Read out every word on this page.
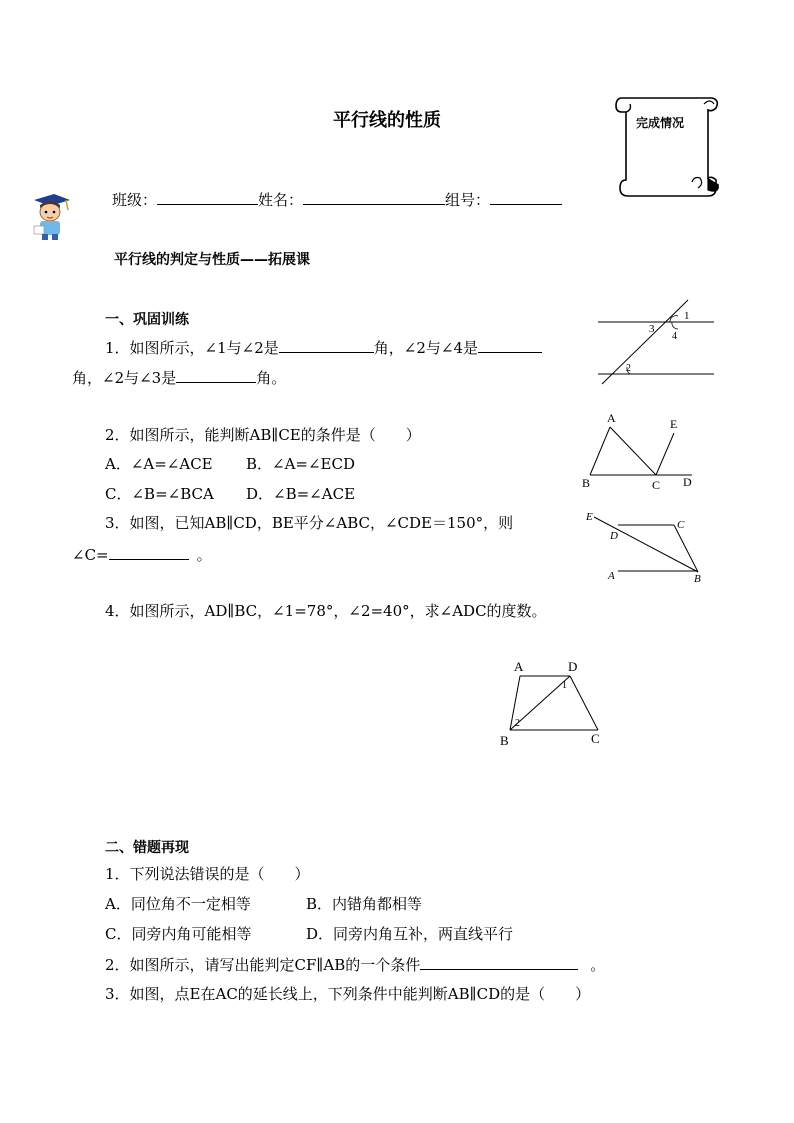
平行线的性质	完成情况
班级：	姓名：	组号：
平行线的判定与性质——拓展课
一、巩固训练
1．如图所示，∠1与∠2是	角，∠2与∠4是
角，∠2与∠3是	角。
2．如图所示，能判断AB∥CE的条件是（　　）
A．∠A=∠ACE B．∠A=∠ECD
C．∠B=∠BCA D．∠B=∠ACE
3．如图，已知AB∥CD，BE平分∠ABC，∠CDE＝150°，则
∠C=	。
4．如图所示，AD∥BC，∠1=78°，∠2=40°，求∠ADC的度数。
1
3
4
2
A	E
B	C D
E
C
D
A	B
A	D
1
2
B	C
二、错题再现
1．下列说法错误的是（　　）
A．同位角不一定相等	B．内错角都相等
C．同旁内角可能相等	D．同旁内角互补，两直线平行
2．如图所示，请写出能判定CF∥AB的一个条件	。
3．如图，点E在AC的延长线上，下列条件中能判断AB∥CD的是（　　）
